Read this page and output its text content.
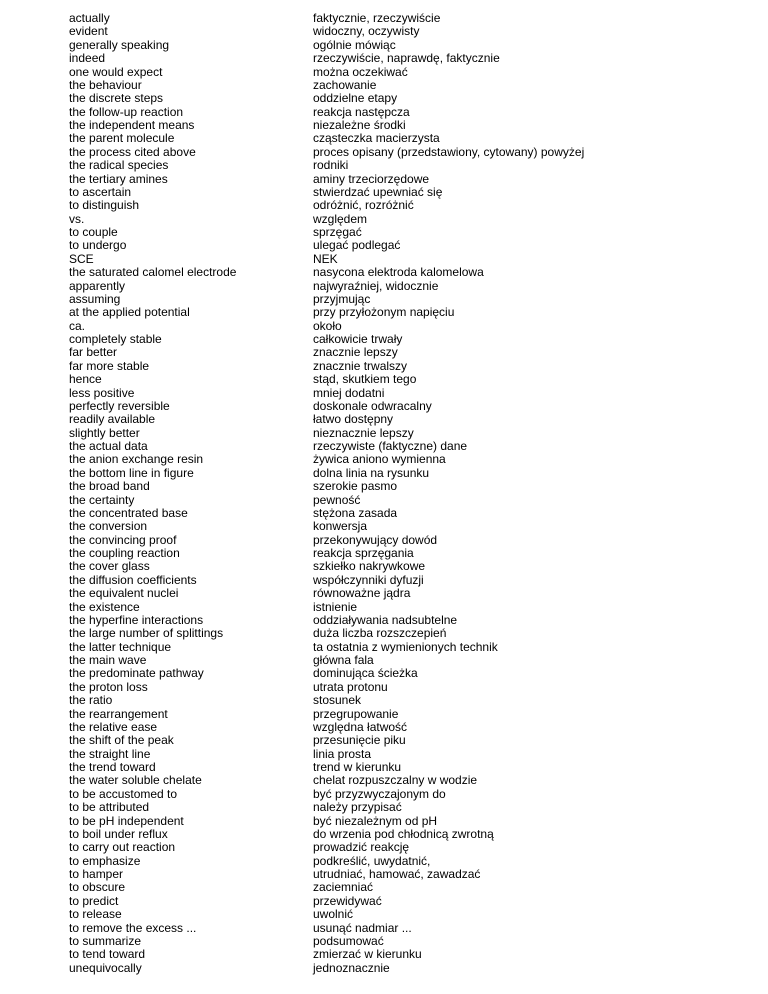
actually	faktycznie, rzeczywiście
evident	widoczny, oczywisty
generally speaking	ogólnie mówiąc
indeed	rzeczywiście, naprawdę, faktycznie
one would expect	można oczekiwać
the behaviour	zachowanie
the discrete steps	oddzielne etapy
the follow-up reaction	reakcja następcza
the independent means	niezależne środki
the parent molecule	cząsteczka macierzysta
the process cited above	proces opisany (przedstawiony, cytowany) powyżej
the radical species	rodniki
the tertiary amines	aminy trzeciorzędowe
to ascertain	stwierdzać upewniać się
to distinguish	odróżnić, rozróżnić
vs.	względem
to couple	sprzęgać
to undergo	ulegać podlegać
SCE	NEK
the saturated calomel electrode	nasycona elektroda kalomelowa
apparently	najwyraźniej, widocznie
assuming	przyjmując
at the applied potential	przy przyłożonym napięciu
ca.	około
completely stable	całkowicie trwały
far better	znacznie lepszy
far more stable	znacznie trwalszy
hence	stąd, skutkiem tego
less positive	mniej dodatni
perfectly reversible	doskonale odwracalny
readily available	łatwo dostępny
slightly better	nieznacznie lepszy
the actual data	rzeczywiste (faktyczne) dane
the anion exchange resin	żywica aniono wymienna
the bottom line in figure	dolna linia na rysunku
the broad band	szerokie pasmo
the certainty	pewność
the concentrated base	stężona zasada
the conversion	konwersja
the convincing proof	przekonywujący dowód
the coupling reaction	reakcja sprzęgania
the cover glass	szkiełko nakrywkowe
the diffusion coefficients	współczynniki dyfuzji
the equivalent nuclei	równoważne jądra
the existence	istnienie
the hyperfine interactions	oddziaływania nadsubtelne
the large number of splittings	duża liczba rozszczepień
the latter technique	ta ostatnia z wymienionych technik
the main wave	główna fala
the predominate pathway	dominująca ścieżka
the proton loss	utrata protonu
the ratio	stosunek
the rearrangement	przegrupowanie
the relative ease	względna łatwość
the shift of the peak	przesunięcie piku
the straight line	linia prosta
the trend toward	trend w kierunku
the water soluble chelate	chelat rozpuszczalny w wodzie
to be accustomed to	być przyzwyczajonym do
to be attributed	należy przypisać
to be pH independent	być niezależnym od pH
to boil under reflux	do wrzenia pod chłodnicą zwrotną
to carry out reaction	prowadzić reakcję
to emphasize	podkreślić, uwydatnić,
to hamper	utrudniać, hamować, zawadzać
to obscure	zaciemniać
to predict	przewidywać
to release	uwolnić
to remove the excess ...	usunąć nadmiar ...
to summarize	podsumować
to tend toward	zmierzać w kierunku
unequivocally	jednoznacznie
